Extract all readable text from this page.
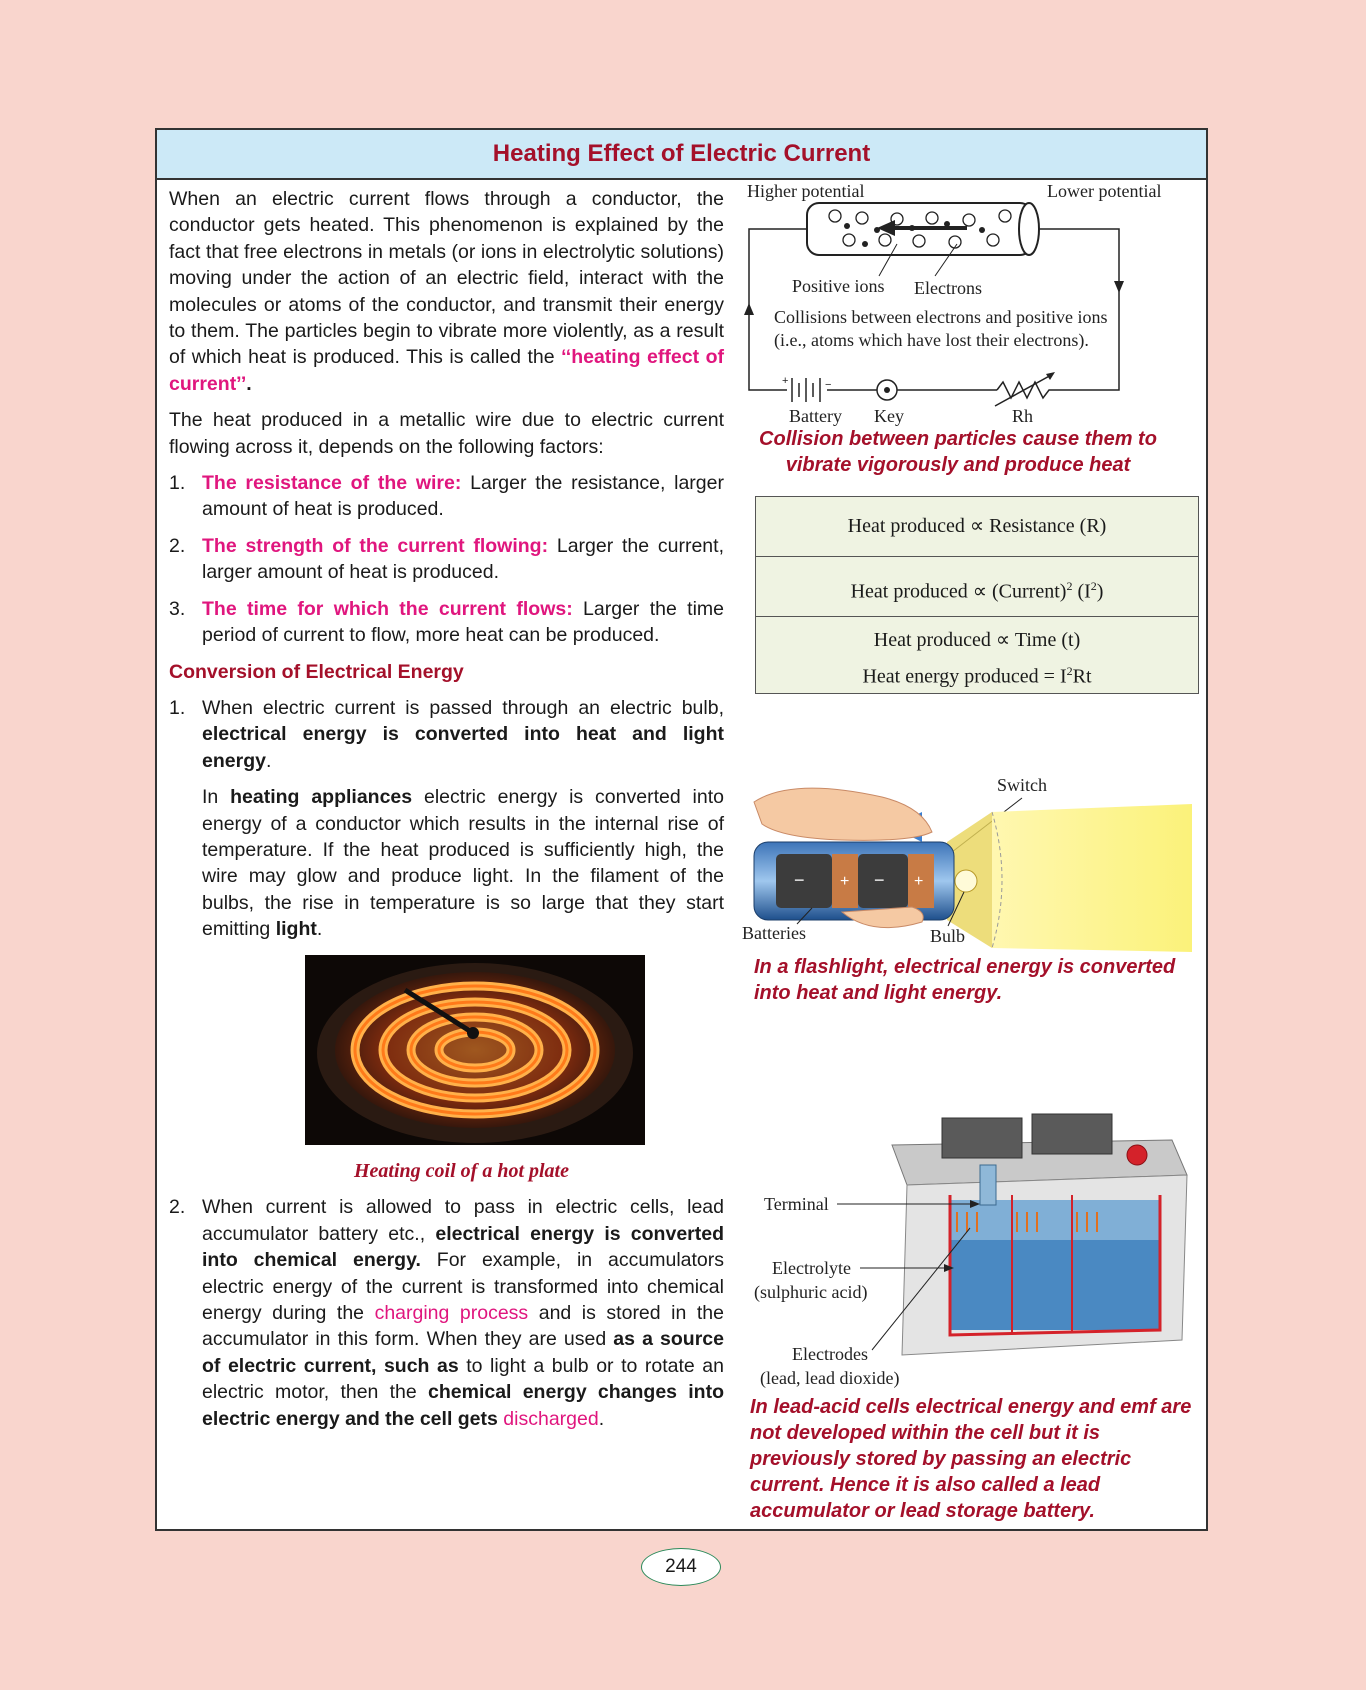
Heating Effect of Electric Current

When an electric current flows through a conductor, the conductor gets heated. This phenomenon is explained by the fact that free electrons in metals (or ions in electrolytic solutions) moving under the action of an electric field, interact with the molecules or atoms of the conductor, and transmit their energy to them. The particles begin to vibrate more violently, as a result of which heat is produced. This is called the ‘‘heating effect of current’’.

The heat produced in a metallic wire due to electric current flowing across it, depends on the following factors:

1. The resistance of the wire: Larger the resistance, larger amount of heat is produced.
2. The strength of the current flowing: Larger the current, larger amount of heat is produced.
3. The time for which the current flows: Larger the time period of current to flow, more heat can be produced.
Conversion of Electrical Energy
1. When electric current is passed through an electric bulb, electrical energy is converted into heat and light energy.
In heating appliances electric energy is converted into energy of a conductor which results in the internal rise of temperature. If the heat produced is sufficiently high, the wire may glow and produce light. In the filament of the bulbs, the rise in temperature is so large that they start emitting light.
Heating coil of a hot plate
2. When current is allowed to pass in electric cells, lead accumulator battery etc., electrical energy is converted into chemical energy. For example, in accumulators electric energy of the current is transformed into chemical energy during the charging process and is stored in the accumulator in this form. When they are used as a source of electric current, such as to light a bulb or to rotate an electric motor, then the chemical energy changes into electric energy and the cell gets discharged.
Higher potential	Lower potential
Positive ions Electrons
Collisions between electrons and positive ions
(i.e., atoms which have lost their electrons).
+	−
Battery Key	Rh
Collision between particles cause them to vibrate vigorously and produce heat
Heat produced ∝ Resistance (R)
Heat produced ∝ (Current)$^2$ $(I^2)$
Heat produced ∝ Time (t)
Heat energy produced = $I^2Rt$
Switch
− + − +
Batteries	Bulb
In a flashlight, electrical energy is converted into heat and light energy.
Terminal
Electrolyte
(sulphuric acid)
Electrodes
(lead, lead dioxide)
In lead-acid cells electrical energy and emf are not developed within the cell but it is previously stored by passing an electric current. Hence it is also called a lead accumulator or lead storage battery.
244
